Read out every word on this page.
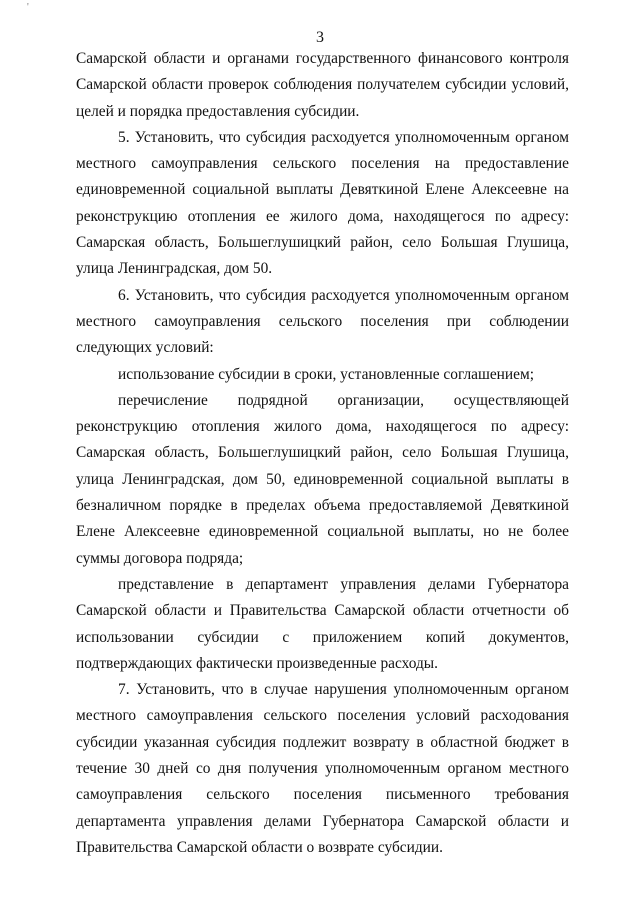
'
3
Самарской области и органами государственного финансового контроля
Самарской области проверок соблюдения получателем субсидии условий,
целей и порядка предоставления субсидии.
5. Установить, что субсидия расходуется уполномоченным органом
местного самоуправления сельского поселения на предоставление
единовременной социальной выплаты Девяткиной Елене Алексеевне на
реконструкцию отопления ее жилого дома, находящегося по адресу:
Самарская область, Большеглушицкий район, село Большая Глушица,
улица Ленинградская, дом 50.
6. Установить, что субсидия расходуется уполномоченным органом
местного самоуправления сельского поселения при соблюдении
следующих условий:
использование субсидии в сроки, установленные соглашением;
перечисление подрядной организации, осуществляющей
реконструкцию отопления жилого дома, находящегося по адресу:
Самарская область, Большеглушицкий район, село Большая Глушица,
улица Ленинградская, дом 50, единовременной социальной выплаты в
безналичном порядке в пределах объема предоставляемой Девяткиной
Елене Алексеевне единовременной социальной выплаты, но не более
суммы договора подряда;
представление в департамент управления делами Губернатора
Самарской области и Правительства Самарской области отчетности об
использовании субсидии с приложением копий документов,
подтверждающих фактически произведенные расходы.
7. Установить, что в случае нарушения уполномоченным органом
местного самоуправления сельского поселения условий расходования
субсидии указанная субсидия подлежит возврату в областной бюджет в
течение 30 дней со дня получения уполномоченным органом местного
самоуправления сельского поселения письменного требования
департамента управления делами Губернатора Самарской области и
Правительства Самарской области о возврате субсидии.
